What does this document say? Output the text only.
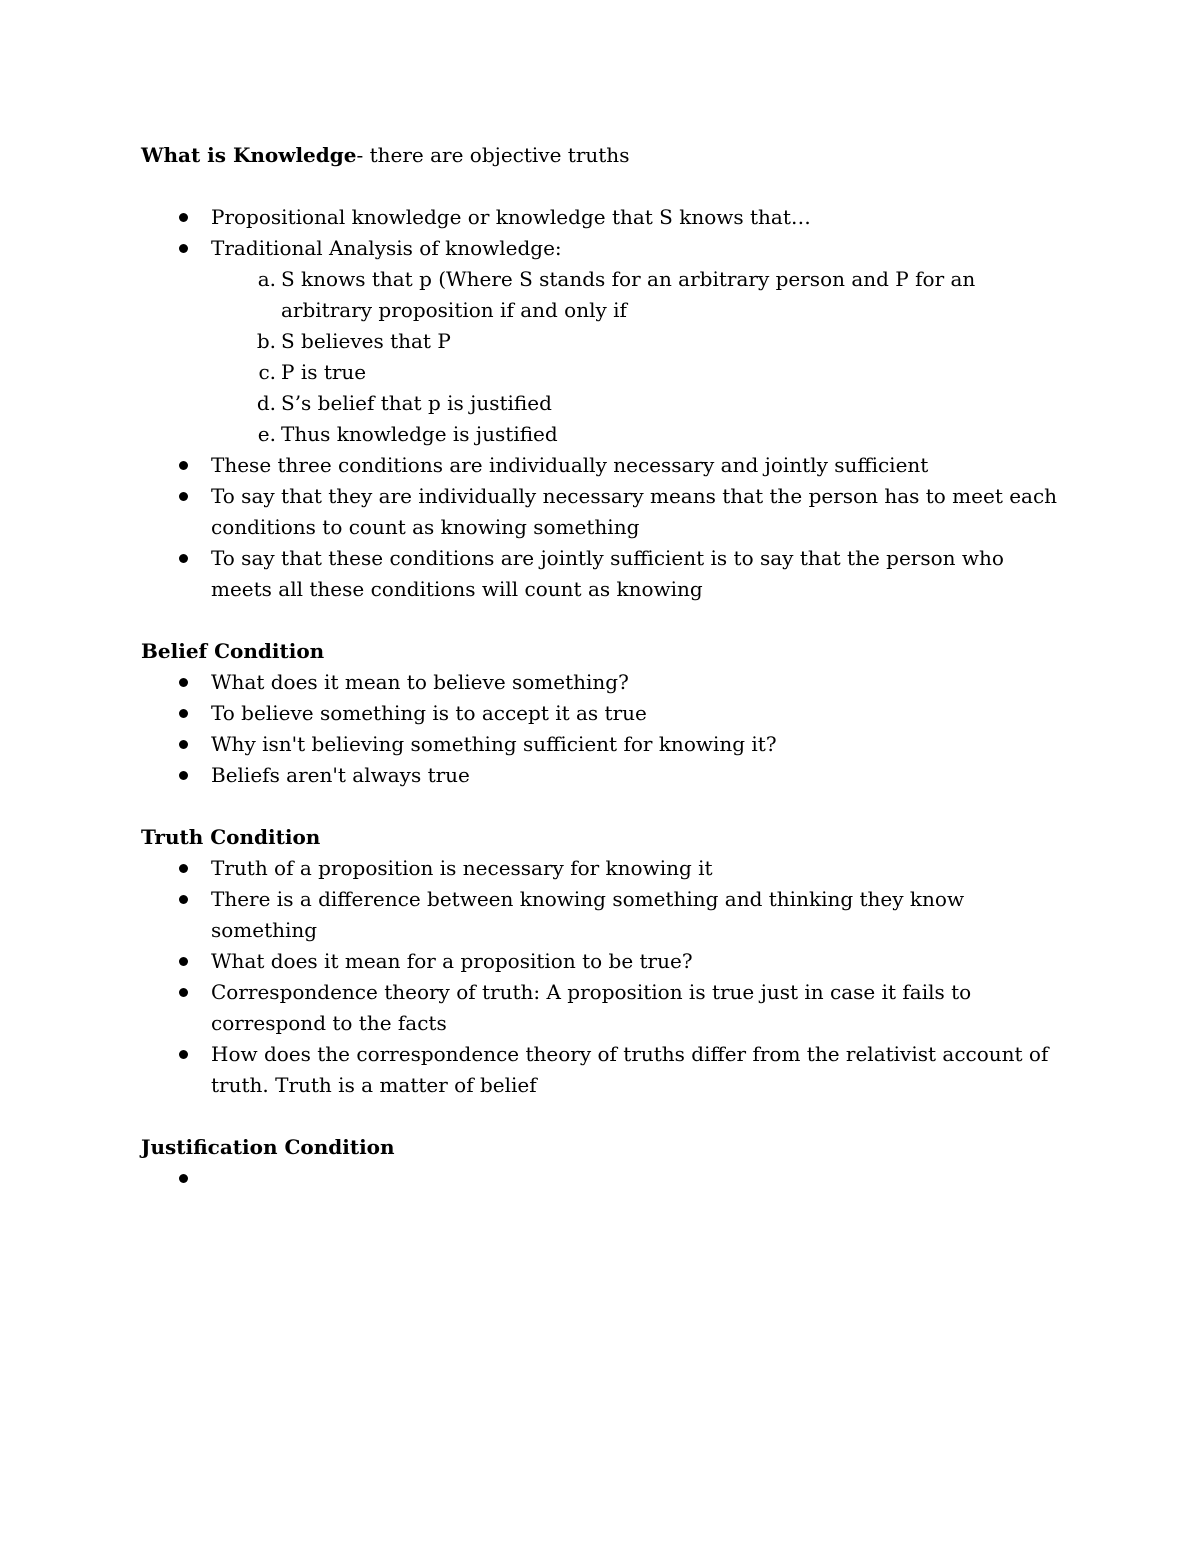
What is Knowledge- there are objective truths
Propositional knowledge or knowledge that S knows that…
Traditional Analysis of knowledge:
a. S knows that p (Where S stands for an arbitrary person and P for an arbitrary proposition if and only if
b. S believes that P
c. P is true
d. S’s belief that p is justified
e. Thus knowledge is justified
These three conditions are individually necessary and jointly sufficient
To say that they are individually necessary means that the person has to meet each conditions to count as knowing something
To say that these conditions are jointly sufficient is to say that the person who meets all these conditions will count as knowing
Belief Condition
What does it mean to believe something?
To believe something is to accept it as true
Why isn't believing something sufficient for knowing it?
Beliefs aren't always true
Truth Condition
Truth of a proposition is necessary for knowing it
There is a difference between knowing something and thinking they know something
What does it mean for a proposition to be true?
Correspondence theory of truth: A proposition is true just in case it fails to correspond to the facts
How does the correspondence theory of truths differ from the relativist account of truth. Truth is a matter of belief
Justification Condition
